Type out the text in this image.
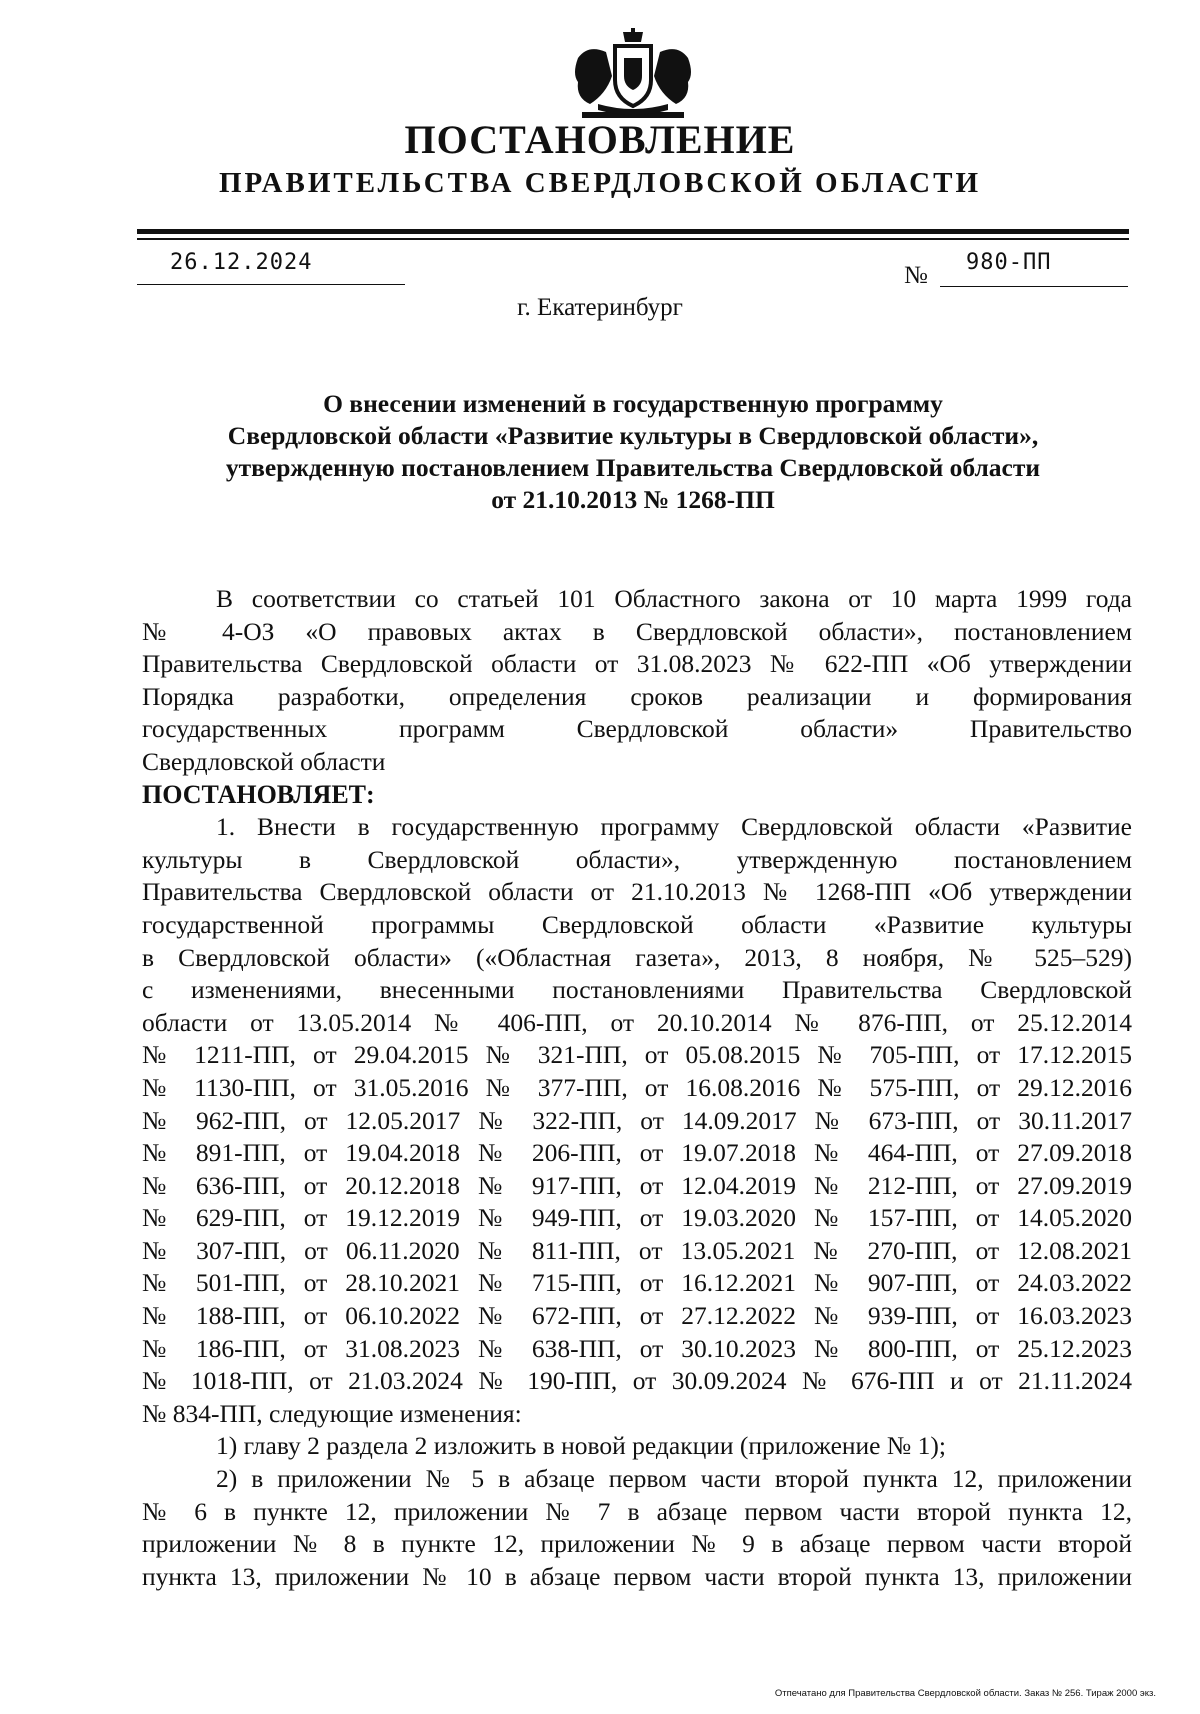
ПОСТАНОВЛЕНИЕ
ПРАВИТЕЛЬСТВА СВЕРДЛОВСКОЙ ОБЛАСТИ
26.12.2024	№ 980-ПП
г. Екатеринбург
О внесении изменений в государственную программу
Свердловской области «Развитие культуры в Свердловской области»,
утвержденную постановлением Правительства Свердловской области
от 21.10.2013 № 1268-ПП
В соответствии со статьей 101 Областного закона от 10 марта 1999 года
№ 4-ОЗ «О правовых актах в Свердловской области», постановлением
Правительства Свердловской области от 31.08.2023 № 622-ПП «Об утверждении
Порядка разработки, определения сроков реализации и формирования
государственных программ Свердловской области» Правительство
Свердловской области
ПОСТАНОВЛЯЕТ:
1. Внести в государственную программу Свердловской области «Развитие
культуры в Свердловской области», утвержденную постановлением
Правительства Свердловской области от 21.10.2013 № 1268-ПП «Об утверждении
государственной программы Свердловской области «Развитие культуры
в Свердловской области» («Областная газета», 2013, 8 ноября, № 525–529)
с изменениями, внесенными постановлениями Правительства Свердловской
области от 13.05.2014 № 406-ПП, от 20.10.2014 № 876-ПП, от 25.12.2014
№ 1211-ПП, от 29.04.2015 № 321-ПП, от 05.08.2015 № 705-ПП, от 17.12.2015
№ 1130-ПП, от 31.05.2016 № 377-ПП, от 16.08.2016 № 575-ПП, от 29.12.2016
№ 962-ПП, от 12.05.2017 № 322-ПП, от 14.09.2017 № 673-ПП, от 30.11.2017
№ 891-ПП, от 19.04.2018 № 206-ПП, от 19.07.2018 № 464-ПП, от 27.09.2018
№ 636-ПП, от 20.12.2018 № 917-ПП, от 12.04.2019 № 212-ПП, от 27.09.2019
№ 629-ПП, от 19.12.2019 № 949-ПП, от 19.03.2020 № 157-ПП, от 14.05.2020
№ 307-ПП, от 06.11.2020 № 811-ПП, от 13.05.2021 № 270-ПП, от 12.08.2021
№ 501-ПП, от 28.10.2021 № 715-ПП, от 16.12.2021 № 907-ПП, от 24.03.2022
№ 188-ПП, от 06.10.2022 № 672-ПП, от 27.12.2022 № 939-ПП, от 16.03.2023
№ 186-ПП, от 31.08.2023 № 638-ПП, от 30.10.2023 № 800-ПП, от 25.12.2023
№ 1018-ПП, от 21.03.2024 № 190-ПП, от 30.09.2024 № 676-ПП и от 21.11.2024
№ 834-ПП, следующие изменения:
1) главу 2 раздела 2 изложить в новой редакции (приложение № 1);
2) в приложении № 5 в абзаце первом части второй пункта 12, приложении
№ 6 в пункте 12, приложении № 7 в абзаце первом части второй пункта 12,
приложении № 8 в пункте 12, приложении № 9 в абзаце первом части второй
пункта 13, приложении № 10 в абзаце первом части второй пункта 13, приложении
Отпечатано для Правительства Свердловской области. Заказ № 256. Тираж 2000 экз.
